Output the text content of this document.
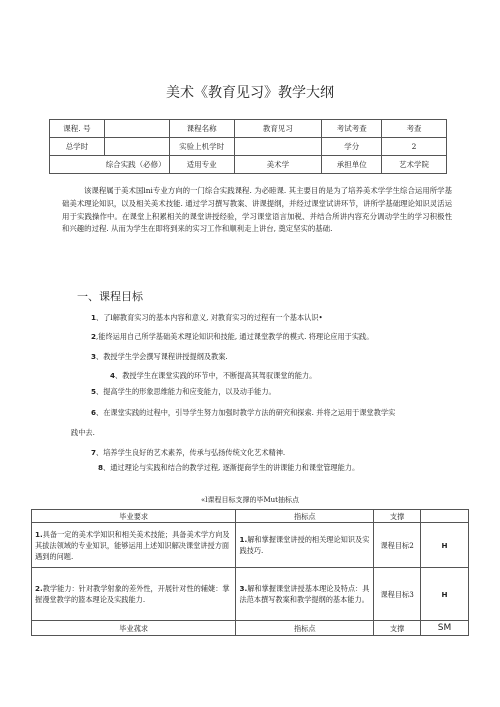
美术《教育见习》教学大纲
课程. 号		课程名称	教育见习	考试考查	考查
总学时		实验上机学时		学分	2
综合实践（必修）		适用专业	美术学	承担单位	艺术学院
该课程属于美术国lni专业方向的一门综合实践课程. 为必睦课. 其主要目的是为了培养美术学学生综合运用所学基础美术理论知识，以及相关美术技能. 通过学习撰写教案、讲课提纲，并经过课堂试讲环节，讲所学基础理论知识灵活运用于实践操作中。在课堂上积累相关的课堂讲授经验，学习课堂语言加税、并结合所讲内容充分调动学生的学习积极性和兴趣的过程. 从而为学生在即将到来的实习工作和顺利走上讲台, 奠定坚实的基础.
一、课程目标
1、了l解教育实习的基本内容和意义, 对教育实习的过程有一个基本认识•
2,能终运用自己所学基础美术理论知识和技能, 通过课堂教学的模式. 将理论应用于实践。
3、教授学生学会撰写课程讲授提纲及教案.
4、教授学生在课堂实践的环节中，不断提高其驾驭课堂的能力。
5、提高学生的形象思维能力和应变能力，以及动手能力。
6、在课堂实践的过程中，引导学生努力加强时教学方法的研究和探索. 并将之运用于课堂教学实
践中去.
7、培养学生良好的艺术素养，传承与弘扬传统文化艺术精神.
8、通过理论与实践和结合的教学过程, 逐渐提商学生的讲课能力和课堂管理能力。
«l课程目标支撑的毕Mut抽标点
毕业要求	指标点	支撑	
1.具备一定的美术学知识和相关美术技能；具备美术学方向及其拔法领域的专业知识，能够运用上述知识解决课堂讲授方面遇到的问题.	1.解和掌握课堂讲授的相关理论知识及实践技巧.	课程目标2	H
2.教学能力：针对教学射象的差外性，开展针对性的辅婕：掌握漫堂教学的篮本理论及实践能力.	3.解和掌握课堂讲授基本理论及特点：具法范本撰写教案和教学提纲的基本能力。	课程目标3	H
毕业菰求	指标点	支撑	SM
